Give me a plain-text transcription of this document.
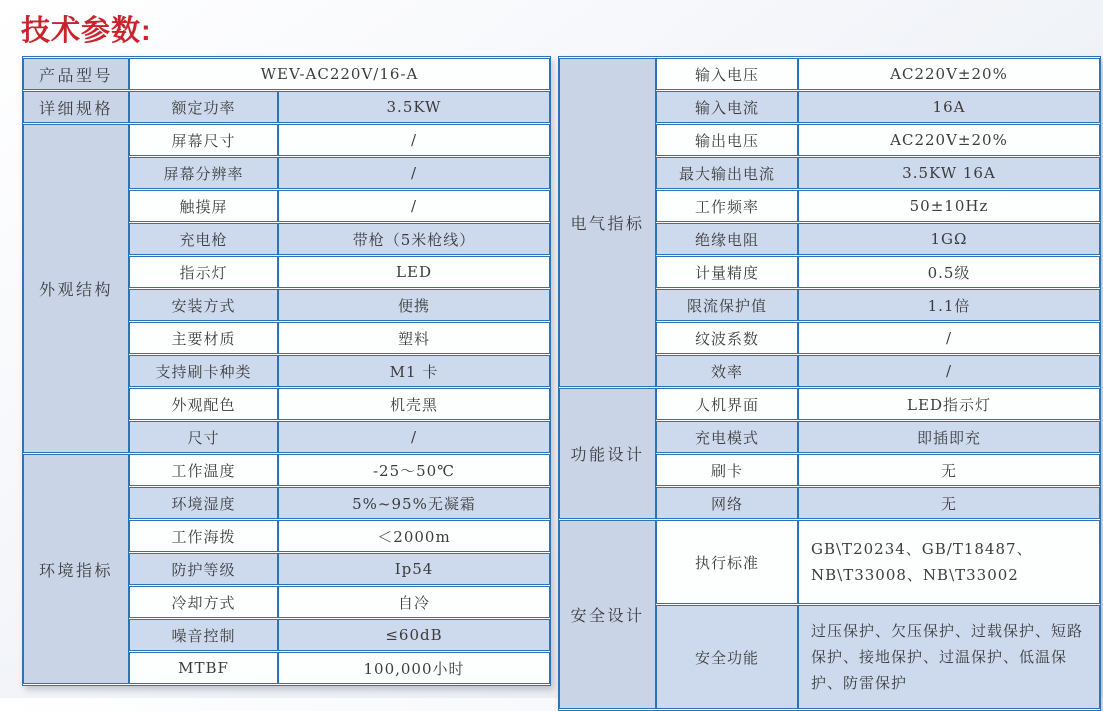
技术参数:
产品型号	WEV-AC220V/16-A	
详细规格	额定功率	3.5KW
外观结构	屏幕尺寸	/
	屏幕分辨率	/
	触摸屏	/
	充电枪	带枪（5米枪线）
	指示灯	LED
	安装方式	便携
	主要材质	塑料
	支持刷卡种类	M1 卡
	外观配色	机壳黑
	尺寸	/
环境指标	工作温度	-25～50℃
	环境湿度	5%~95%无凝霜
	工作海拨	＜2000m
	防护等级	Ip54
	冷却方式	自冷
	噪音控制	≤60dB
	MTBF	100,000小时
电气指标	输入电压	AC220V±20%
	输入电流	16A
	输出电压	AC220V±20%
	最大输出电流	3.5KW 16A
	工作频率	50±10Hz
	绝缘电阻	1GΩ
	计量精度	0.5级
	限流保护值	1.1倍
	纹波系数	/
	效率	/
功能设计	人机界面	LED指示灯
	充电模式	即插即充
	刷卡	无
	网络	无
安全设计	执行标准	GB\T20234、GB/T18487、 NB\T33008、NB\T33002
	安全功能	过压保护、欠压保护、过载保护、短路保护、接地保护、过温保护、低温保护、防雷保护
